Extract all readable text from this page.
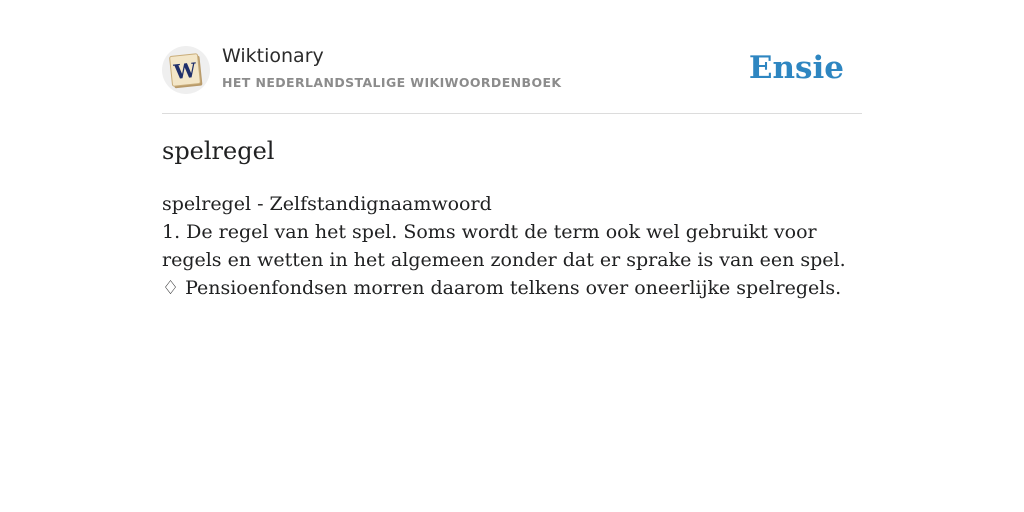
W
Wiktionary
HET NEDERLANDSTALIGE WIKIWOORDENBOEK	Ensie
spelregel

spelregel - Zelfstandignaamwoord

1. De regel van het spel. Soms wordt de term ook wel gebruikt voor regels en wetten in het algemeen zonder dat er sprake is van een spel.

♢ Pensioenfondsen morren daarom telkens over oneerlijke spelregels.
